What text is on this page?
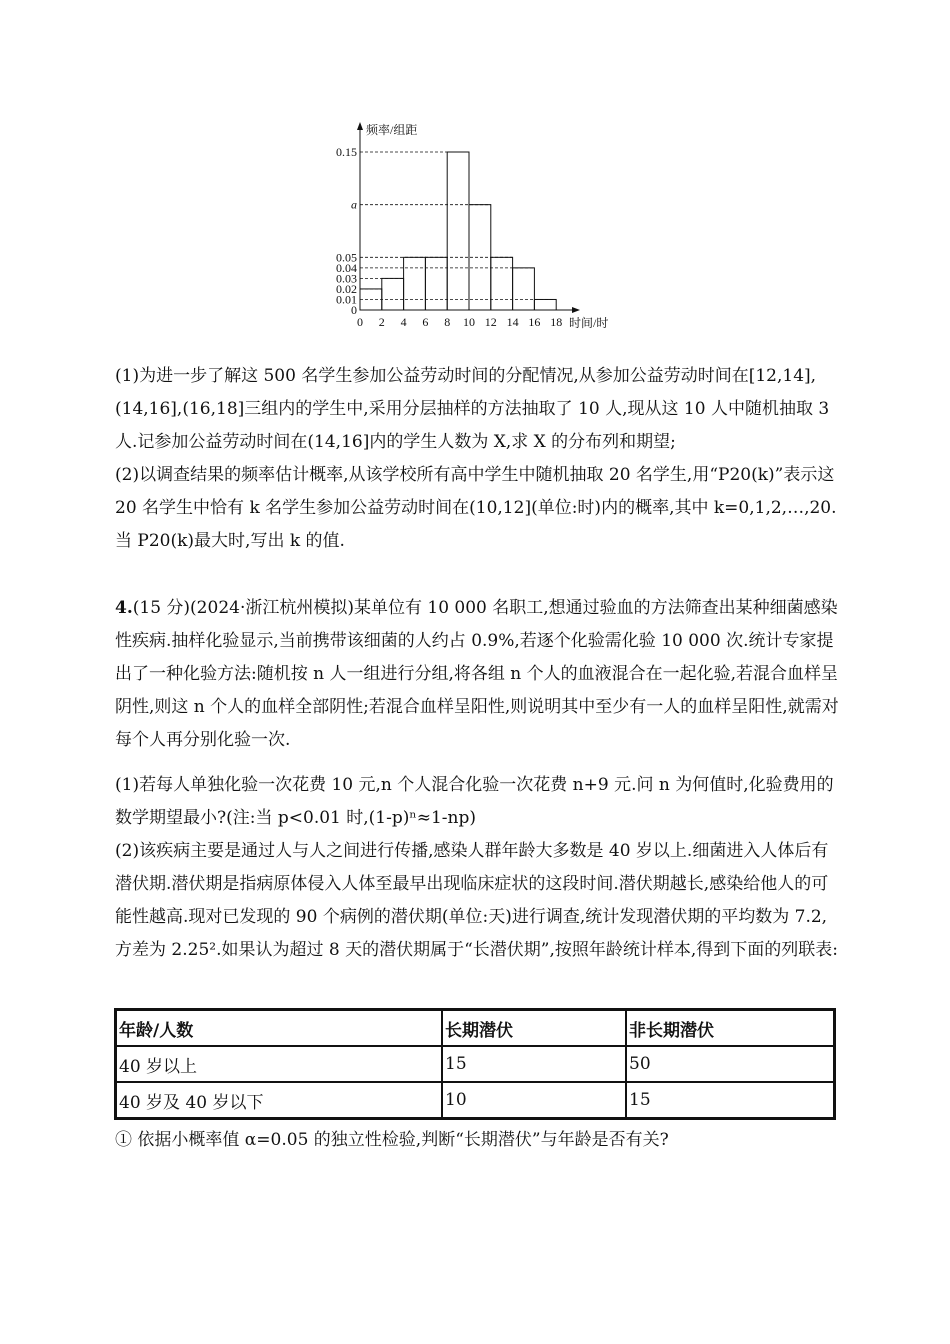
频率/组距
时间/时
0.15
a
0.05
0.04
0.03
0.02
0.01
0
0 2 4 6 8 10 12 14 16 18

(1)为进一步了解这 500 名学生参加公益劳动时间的分配情况,从参加公益劳动时间在[12,14],(14,16],(16,18]三组内的学生中,采用分层抽样的方法抽取了 10 人,现从这 10 人中随机抽取 3 人.记参加公益劳动时间在(14,16]内的学生人数为 X,求 X 的分布列和期望;

(2)以调查结果的频率估计概率,从该学校所有高中学生中随机抽取 20 名学生,用“P20(k)”表示这 20 名学生中恰有 k 名学生参加公益劳动时间在(10,12](单位:时)内的概率,其中 k=0,1,2,…,20.当 P20(k)最大时,写出 k 的值.

4.(15 分)(2024·浙江杭州模拟)某单位有 10 000 名职工,想通过验血的方法筛查出某种细菌感染性疾病.抽样化验显示,当前携带该细菌的人约占 0.9%,若逐个化验需化验 10 000 次.统计专家提出了一种化验方法:随机按 n 人一组进行分组,将各组 n 个人的血液混合在一起化验,若混合血样呈阴性,则这 n 个人的血样全部阴性;若混合血样呈阳性,则说明其中至少有一人的血样呈阳性,就需对每个人再分别化验一次.

(1)若每人单独化验一次花费 10 元,n 个人混合化验一次花费 n+9 元.问 n 为何值时,化验费用的数学期望最小?(注:当 p<0.01 时,(1-p)ⁿ≈1-np)

(2)该疾病主要是通过人与人之间进行传播,感染人群年龄大多数是 40 岁以上.细菌进入人体后有潜伏期.潜伏期是指病原体侵入人体至最早出现临床症状的这段时间.潜伏期越长,感染给他人的可能性越高.现对已发现的 90 个病例的潜伏期(单位:天)进行调查,统计发现潜伏期的平均数为 7.2,方差为 2.25².如果认为超过 8 天的潜伏期属于“长潜伏期”,按照年龄统计样本,得到下面的列联表:

年龄/人数	长期潜伏	非长期潜伏
40 岁以上	15	50
40 岁及 40 岁以下	10	15

① 依据小概率值 α=0.05 的独立性检验,判断“长期潜伏”与年龄是否有关?
